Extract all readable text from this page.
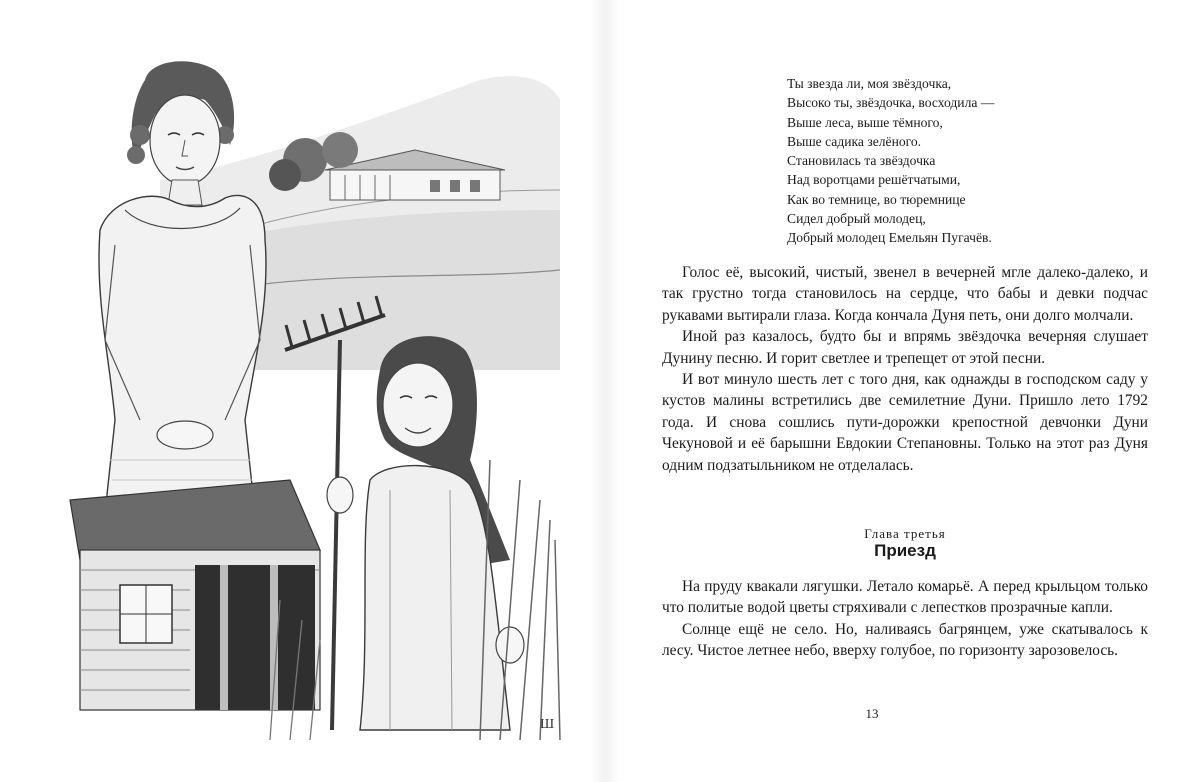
Ш
Ты звезда ли, моя звёздочка,
Высоко ты, звёздочка, восходила —
Выше леса, выше тёмного,
Выше садика зелёного.
Становилась та звёздочка
Над воротцами решётчатыми,
Как во темнице, во тюремнице
Сидел добрый молодец,
Добрый молодец Емельян Пугачёв.

Голос её, высокий, чистый, звенел в вечерней мгле далеко-далеко, и так грустно тогда становилось на сердце, что бабы и девки подчас рукавами вытирали глаза. Когда кончала Дуня петь, они долго молчали.

Иной раз казалось, будто бы и впрямь звёздочка вечерняя слушает Дунину песню. И горит светлее и трепещет от этой песни.

И вот минуло шесть лет с того дня, как однажды в господском саду у кустов малины встретились две семилетние Дуни. Пришло лето 1792 года. И снова сошлись пути-дорожки крепостной девчонки Дуни Чекуновой и её барышни Евдокии Степановны. Только на этот раз Дуня одним подзатыльником не отделалась.

Глава третья
Приезд

На пруду квакали лягушки. Летало комарьё. А перед крыльцом только что политые водой цветы стряхивали с лепестков прозрачные капли.

Солнце ещё не село. Но, наливаясь багрянцем, уже скатывалось к лесу. Чистое летнее небо, вверху голубое, по горизонту зарозовелось.

13
